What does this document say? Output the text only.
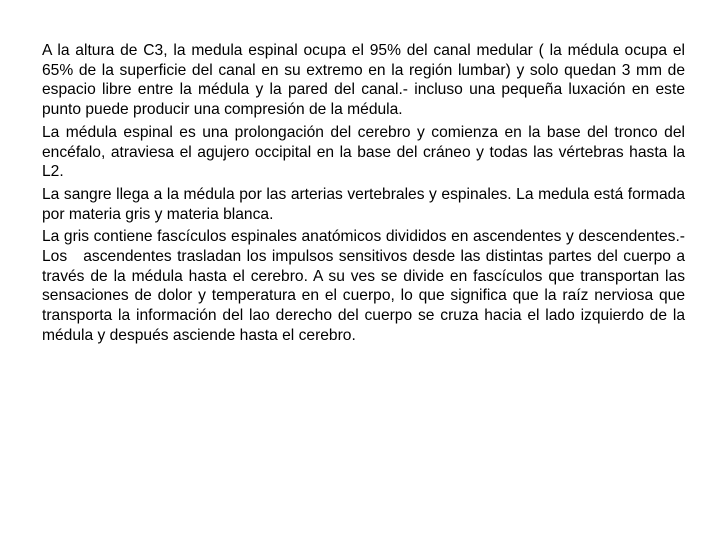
A la altura de C3, la medula espinal ocupa el 95% del canal medular ( la médula ocupa el 65% de la superficie del canal en su extremo en la región lumbar) y solo quedan 3 mm de espacio libre entre la médula y la pared del canal.- incluso una pequeña luxación en este punto puede producir una compresión de la médula.

La médula espinal es una prolongación del cerebro y comienza en la base del tronco del encéfalo, atraviesa el agujero occipital en la base del cráneo y todas las vértebras hasta la L2.

La sangre llega a la médula por las arterias vertebrales y espinales. La medula está formada por materia gris y materia blanca.

La gris contiene fascículos espinales anatómicos divididos en ascendentes y descendentes.- Los   ascendentes trasladan los impulsos sensitivos desde las distintas partes del cuerpo a través de la médula hasta el cerebro. A su ves se divide en fascículos que transportan las sensaciones de dolor y temperatura en el cuerpo, lo que significa que la raíz nerviosa que transporta la información del lao derecho del cuerpo se cruza hacia el lado izquierdo de la médula y después asciende hasta el cerebro.
